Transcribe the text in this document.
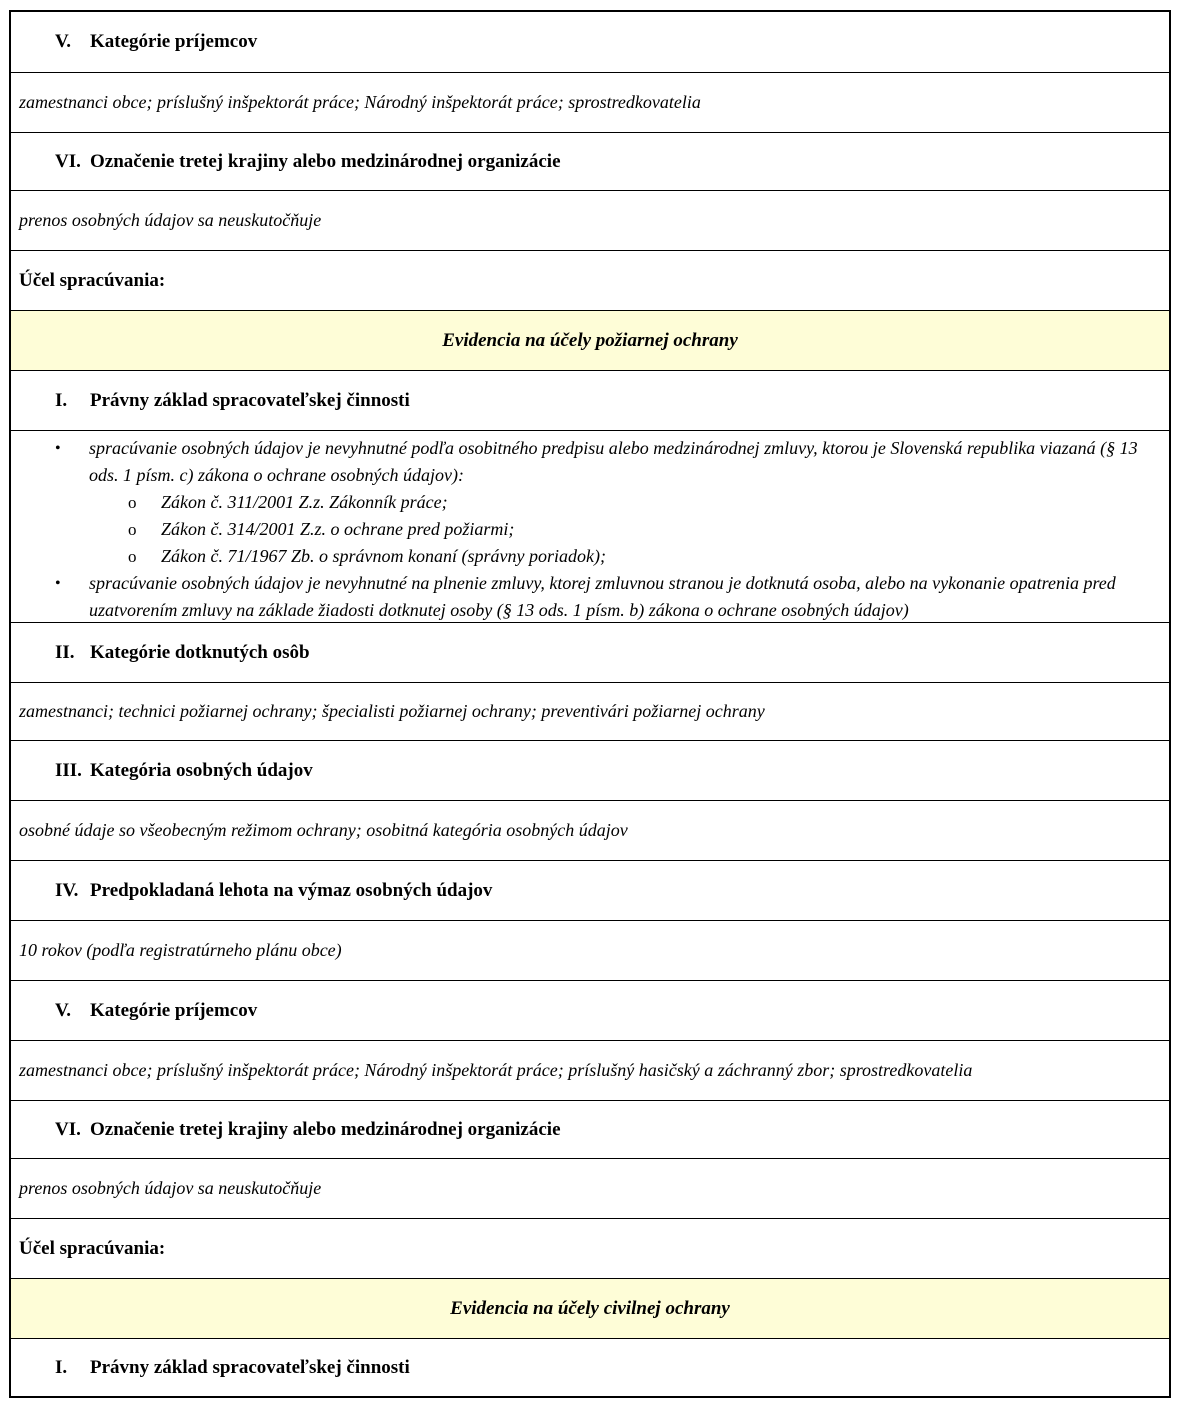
V. Kategórie príjemcov
zamestnanci obce; príslušný inšpektorát práce; Národný inšpektorát práce; sprostredkovatelia
VI. Označenie tretej krajiny alebo medzinárodnej organizácie
prenos osobných údajov sa neuskutočňuje
Účel spracúvania:
Evidencia na účely požiarnej ochrany
I. Právny základ spracovateľskej činnosti
• spracúvanie osobných údajov je nevyhnutné podľa osobitného predpisu alebo medzinárodnej zmluvy, ktorou je Slovenská republika viazaná (§ 13 ods. 1 písm. c) zákona o ochrane osobných údajov):
o Zákon č. 311/2001 Z.z. Zákonník práce;
o Zákon č. 314/2001 Z.z. o ochrane pred požiarmi;
o Zákon č. 71/1967 Zb. o správnom konaní (správny poriadok);
• spracúvanie osobných údajov je nevyhnutné na plnenie zmluvy, ktorej zmluvnou stranou je dotknutá osoba, alebo na vykonanie opatrenia pred uzatvorením zmluvy na základe žiadosti dotknutej osoby (§ 13 ods. 1 písm. b) zákona o ochrane osobných údajov)
II. Kategórie dotknutých osôb
zamestnanci; technici požiarnej ochrany; špecialisti požiarnej ochrany; preventivári požiarnej ochrany
III. Kategória osobných údajov
osobné údaje so všeobecným režimom ochrany; osobitná kategória osobných údajov
IV. Predpokladaná lehota na výmaz osobných údajov
10 rokov (podľa registratúrneho plánu obce)
V. Kategórie príjemcov
zamestnanci obce; príslušný inšpektorát práce; Národný inšpektorát práce; príslušný hasičský a záchranný zbor; sprostredkovatelia
VI. Označenie tretej krajiny alebo medzinárodnej organizácie
prenos osobných údajov sa neuskutočňuje
Účel spracúvania:
Evidencia na účely civilnej ochrany
I. Právny základ spracovateľskej činnosti
